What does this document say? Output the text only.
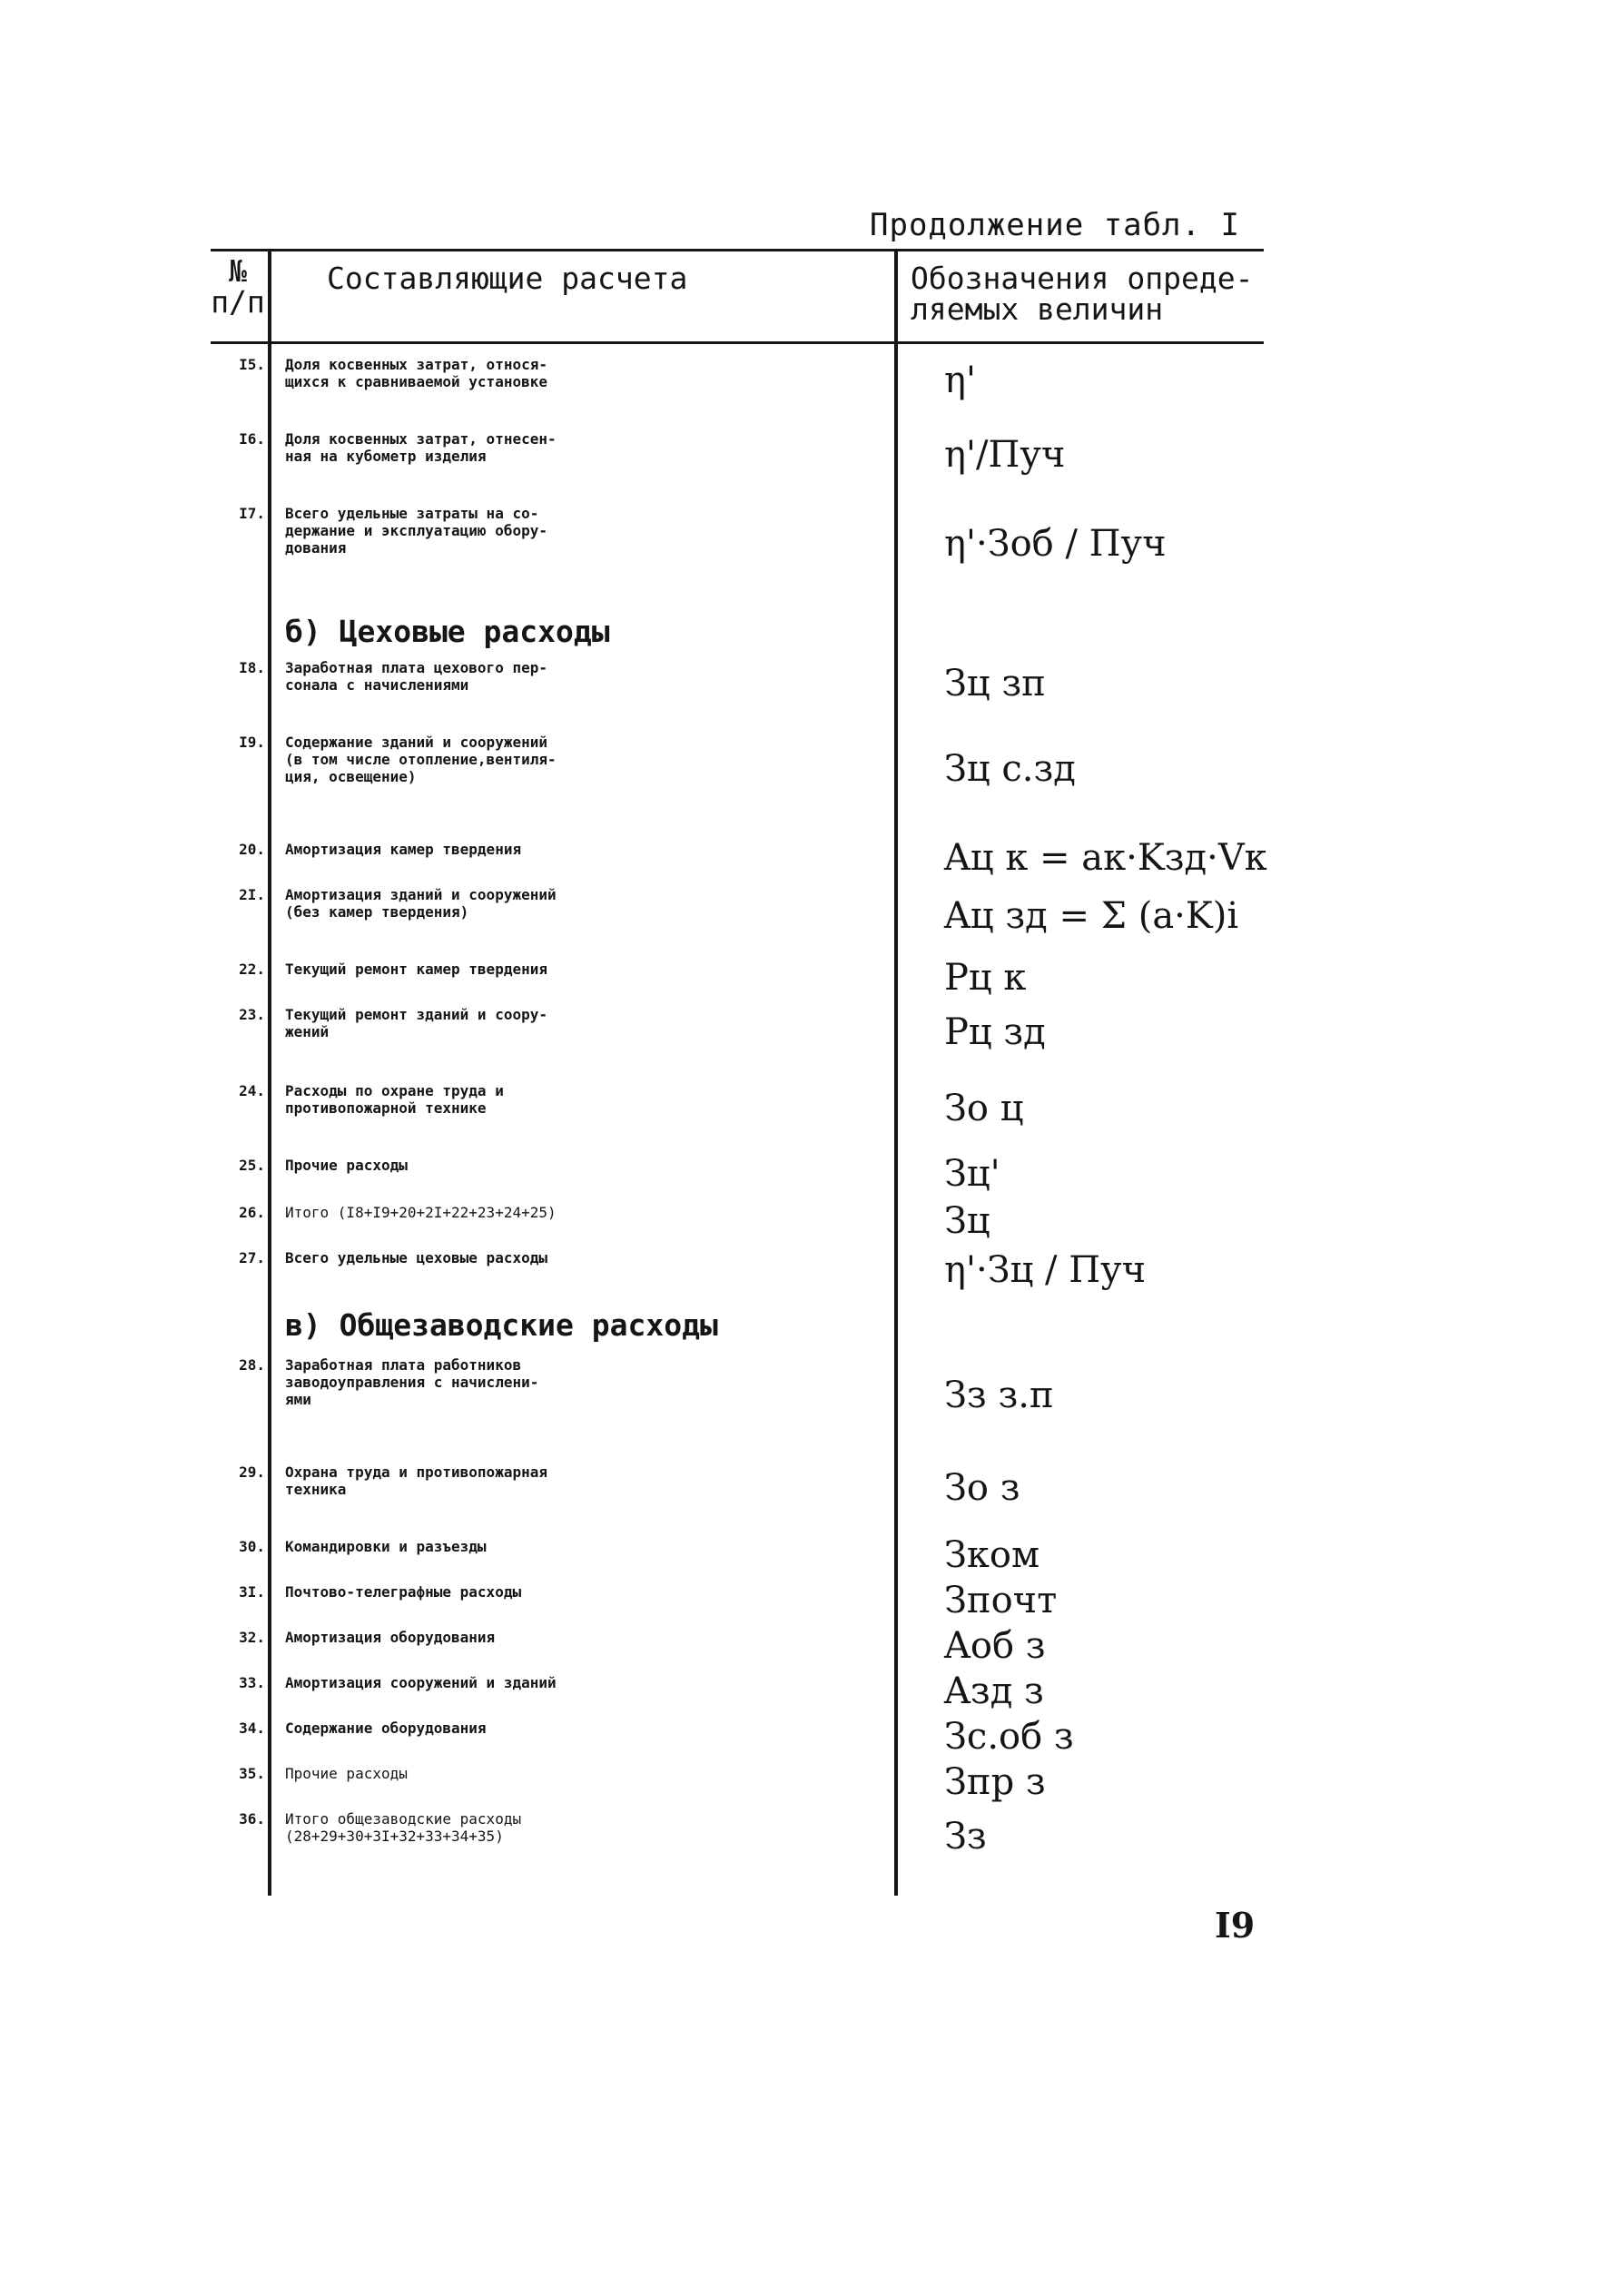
Продолжение табл. I
№
п/п
Составляющие расчета	Обозначения опреде-
ляемых величин
I5. Доля косвенных затрат, относя-
щихся к сравниваемой установке	η'
I6. Доля косвенных затрат, отнесен-
ная на кубометр изделия	η'/Пуч
I7. Всего удельные затраты на со-
держание и эксплуатацию обору-
дования	η'·Зоб / Пуч
б) Цеховые расходы
I8. Заработная плата цехового пер-
сонала с начислениями	Зц зп
I9. Содержание зданий и сооружений
(в том числе отопление,вентиля-
ция, освещение)	Зц с.зд
20. Амортизация камер твердения	Aц к = aк·Kзд·Vк
2I. Амортизация зданий и сооружений
(без камер твердения)	Aц зд = Σ (a·K)i
22. Текущий ремонт камер твердения	Pц к
23. Текущий ремонт зданий и соору-
жений	Pц зд
24. Расходы по охране труда и
противопожарной технике	Зо ц
25. Прочие расходы	Зц'
26. Итого (I8+I9+20+2I+22+23+24+25)	Зц
27. Всего удельные цеховые расходы	η'·Зц / Пуч
в) Общезаводские расходы
28. Заработная плата работников
заводоуправления с начислени-
ями	Зз з.п
29. Охрана труда и противопожарная
техника	Зо з
30. Командировки и разъезды	Зком
3I. Почтово-телеграфные расходы	Зпочт
32. Амортизация оборудования	Aоб з
33. Амортизация сооружений и зданий	Aзд з
34. Содержание оборудования	Зс.об з
35. Прочие расходы	Зпр з
36. Итого общезаводские расходы
(28+29+30+3I+32+33+34+35)	Зз
I9
